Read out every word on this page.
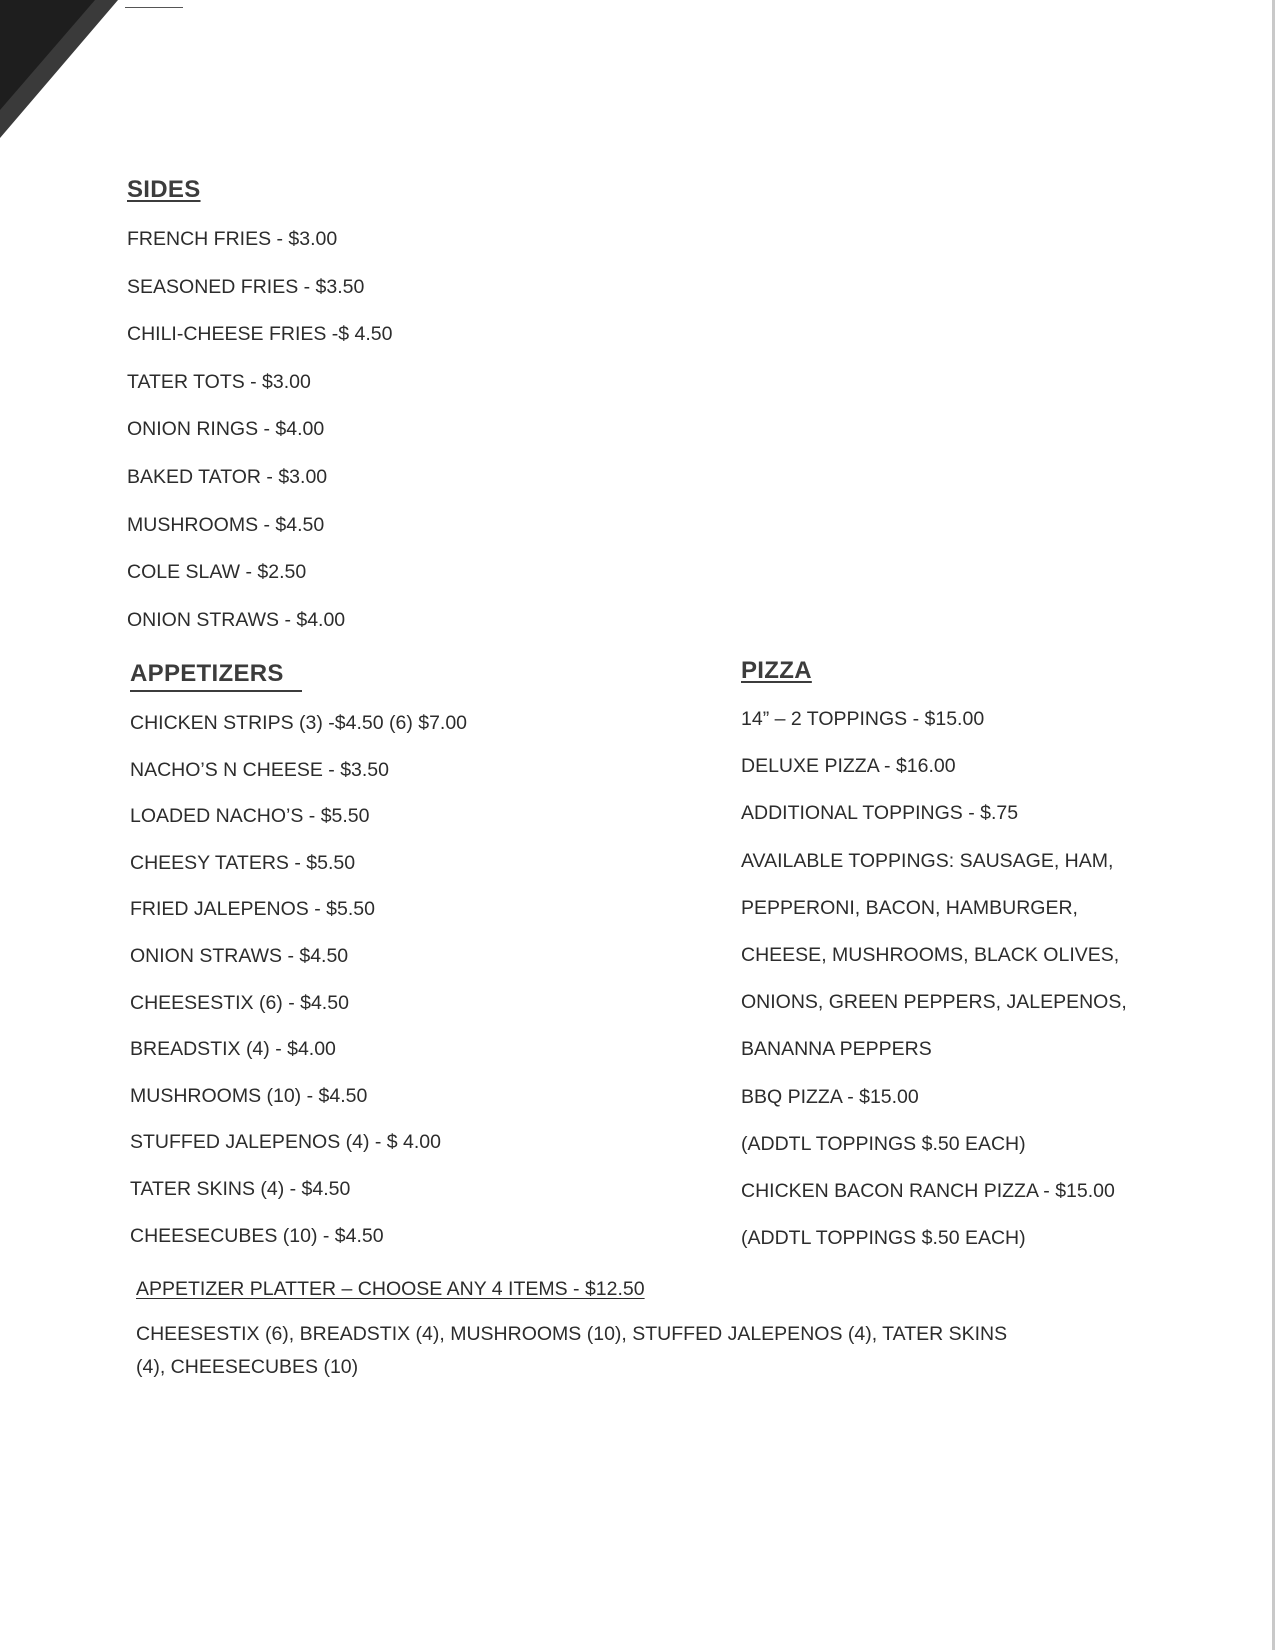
SIDES
FRENCH FRIES - $3.00
SEASONED FRIES - $3.50
CHILI-CHEESE FRIES -$ 4.50
TATER TOTS - $3.00
ONION RINGS - $4.00
BAKED TATOR - $3.00
MUSHROOMS - $4.50
COLE SLAW - $2.50
ONION STRAWS - $4.00
APPETIZERS
CHICKEN STRIPS (3) -$4.50 (6) $7.00
NACHO’S N CHEESE - $3.50
LOADED NACHO’S - $5.50
CHEESY TATERS - $5.50
FRIED JALEPENOS - $5.50
ONION STRAWS - $4.50
CHEESESTIX (6) - $4.50
BREADSTIX (4) - $4.00
MUSHROOMS (10) - $4.50
STUFFED JALEPENOS (4) - $ 4.00
TATER SKINS (4) - $4.50
CHEESECUBES (10) - $4.50
APPETIZER PLATTER – CHOOSE ANY 4 ITEMS - $12.50
CHEESESTIX (6), BREADSTIX (4), MUSHROOMS (10), STUFFED JALEPENOS (4), TATER SKINS (4), CHEESECUBES (10)
PIZZA
14” – 2 TOPPINGS - $15.00
DELUXE PIZZA - $16.00
ADDITIONAL TOPPINGS - $.75
AVAILABLE TOPPINGS: SAUSAGE, HAM,
PEPPERONI, BACON, HAMBURGER,
CHEESE, MUSHROOMS, BLACK OLIVES,
ONIONS, GREEN PEPPERS, JALEPENOS,
BANANNA PEPPERS
BBQ PIZZA - $15.00
(ADDTL TOPPINGS $.50 EACH)
CHICKEN BACON RANCH PIZZA - $15.00
(ADDTL TOPPINGS $.50 EACH)
